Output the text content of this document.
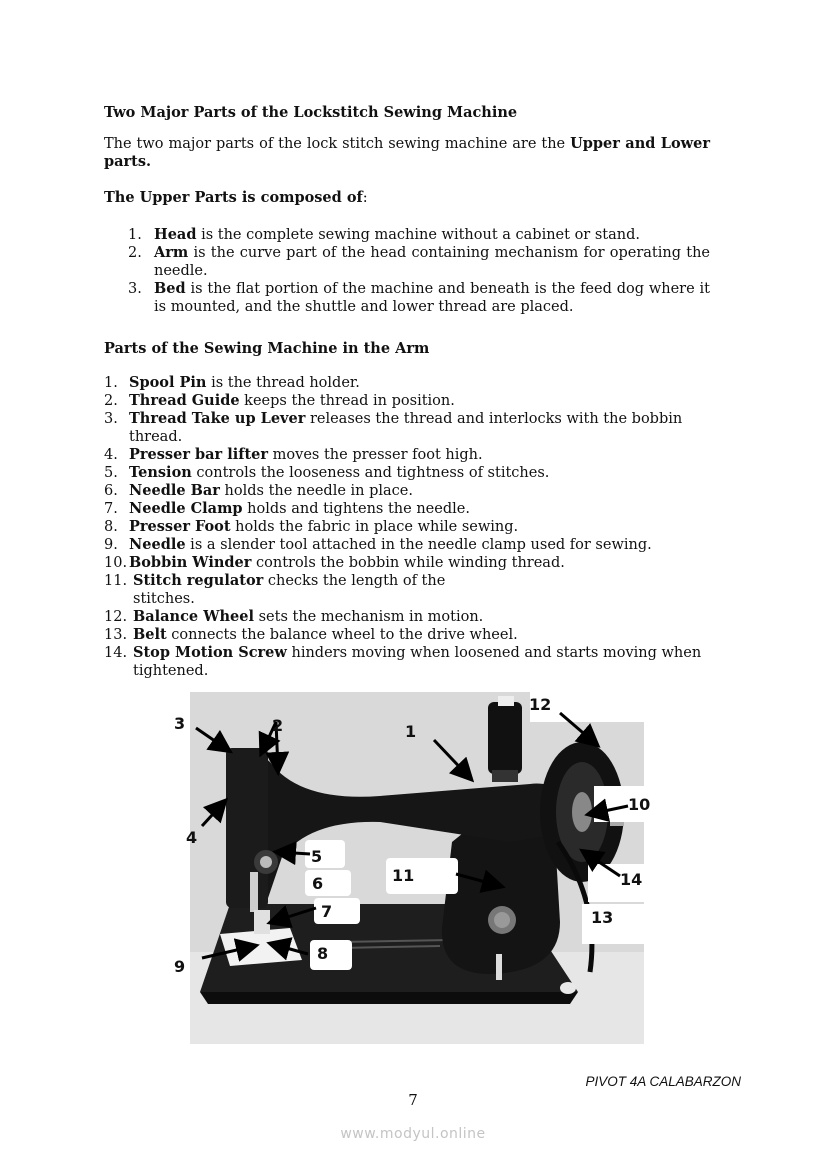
Two Major Parts of the Lockstitch Sewing Machine

The two major parts of the lock stitch sewing machine are the Upper and Lower parts.

The Upper Parts is composed of:
1. Head is the complete sewing machine without a cabinet or stand.
2. Arm is the curve part of the head containing mechanism for operating the needle.
3. Bed is the flat portion of the machine and beneath is the feed dog where it is mounted, and the shuttle and lower thread are placed.
Parts of the Sewing Machine in the Arm
1. Spool Pin is the thread holder.
2. Thread Guide keeps the thread in position.
3. Thread Take up Lever releases the thread and interlocks with the bobbin thread.
4. Presser bar lifter moves the presser foot high.
5. Tension controls the looseness and tightness of stitches.
6. Needle Bar holds the needle in place.
7. Needle Clamp holds and tightens the needle.
8. Presser Foot holds the fabric in place while sewing.
9. Needle is a slender tool attached in the needle clamp used for sewing.
10. Bobbin Winder controls the bobbin while winding thread.
11. Stitch regulator checks the length of the stitches.
12. Balance Wheel sets the mechanism in motion.
13. Belt connects the balance wheel to the drive wheel.
14. Stop Motion Screw hinders moving when loosened and starts moving when tightened.
1
2
3
4
5
6
7
8
9
10
11
12
13
14
PIVOT 4A CALABARZON
7
www.modyul.online
